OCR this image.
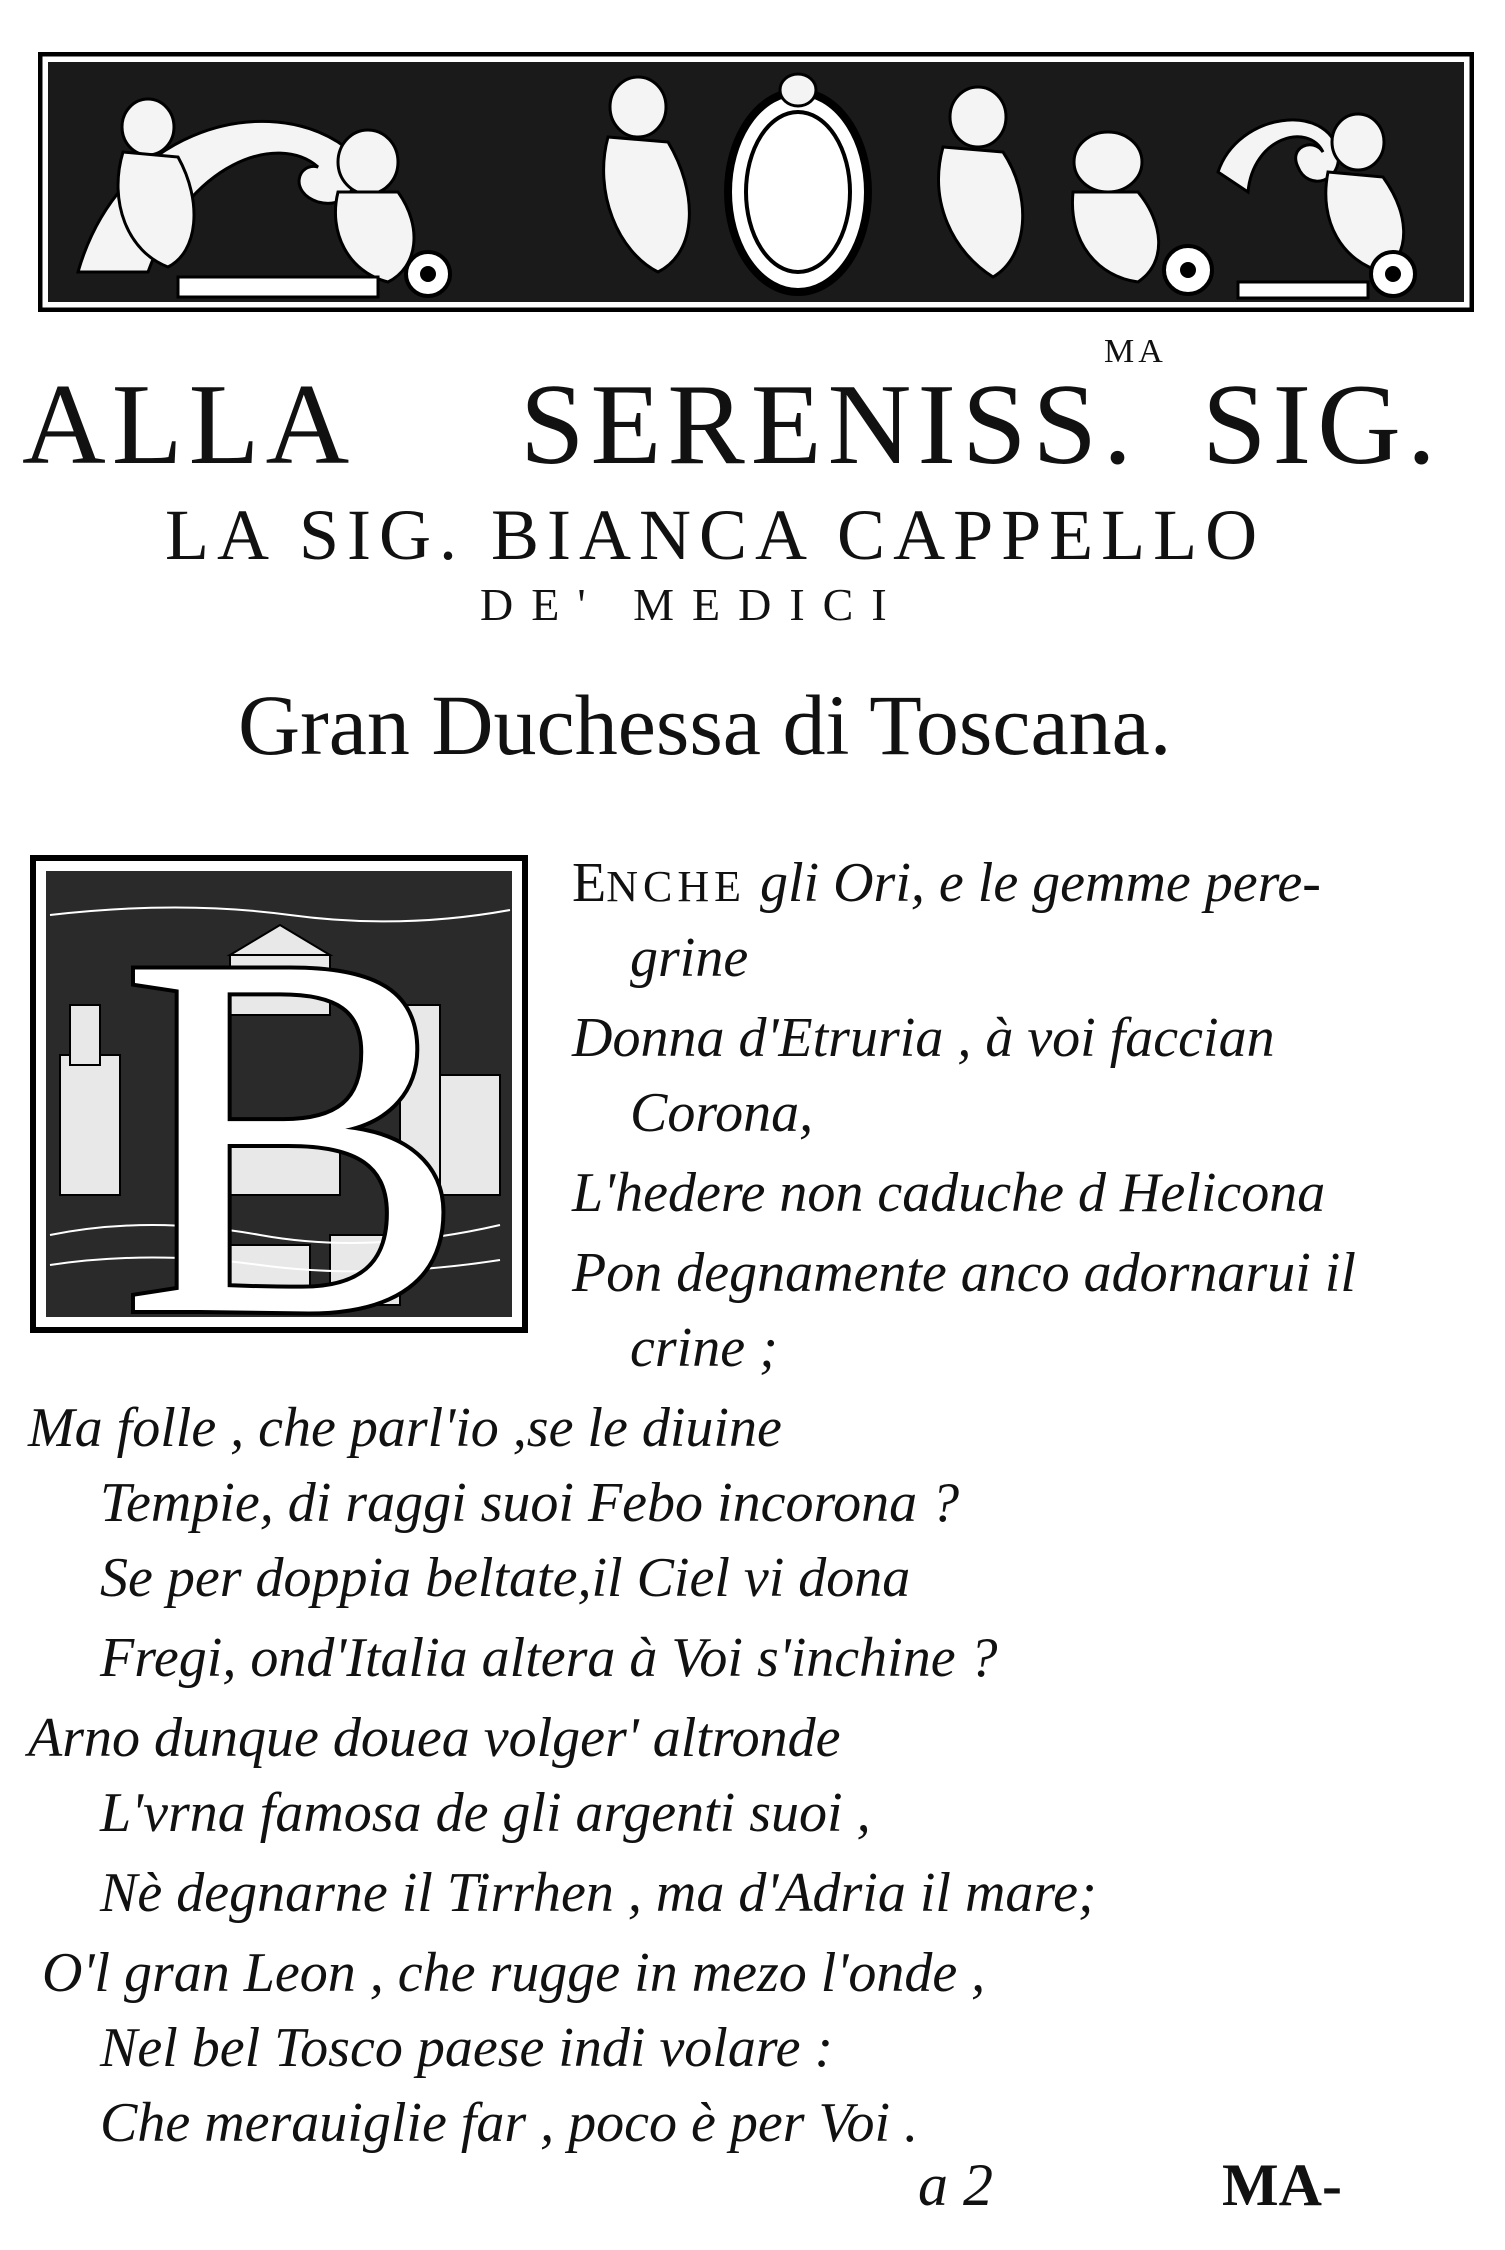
ALLA SERENISS.
MA
SIG.
LA SIG. BIANCA CAPPELLO
DE' MEDICI
Gran Duchessa di Toscana.
B ENCHE gli Ori, e le gemme pere-
grine
Donna d'Etruria , à voi faccian
Corona,
L'hedere non caduche d Helicona
Pon degnamente anco adornarui il
crine ;
Ma folle , che parl'io ,se le diuine
Tempie, di raggi suoi Febo incorona ?
Se per doppia beltate,il Ciel vi dona
Fregi, ond'Italia altera à Voi s'inchine ?
Arno dunque douea volger' altronde
L'vrna famosa de gli argenti suoi ,
Nè degnarne il Tirrhen , ma d'Adria il mare;
O'l gran Leon , che rugge in mezo l'onde ,
Nel bel Tosco paese indi volare :
Che merauiglie far , poco è per Voi .
a 2	MA-
